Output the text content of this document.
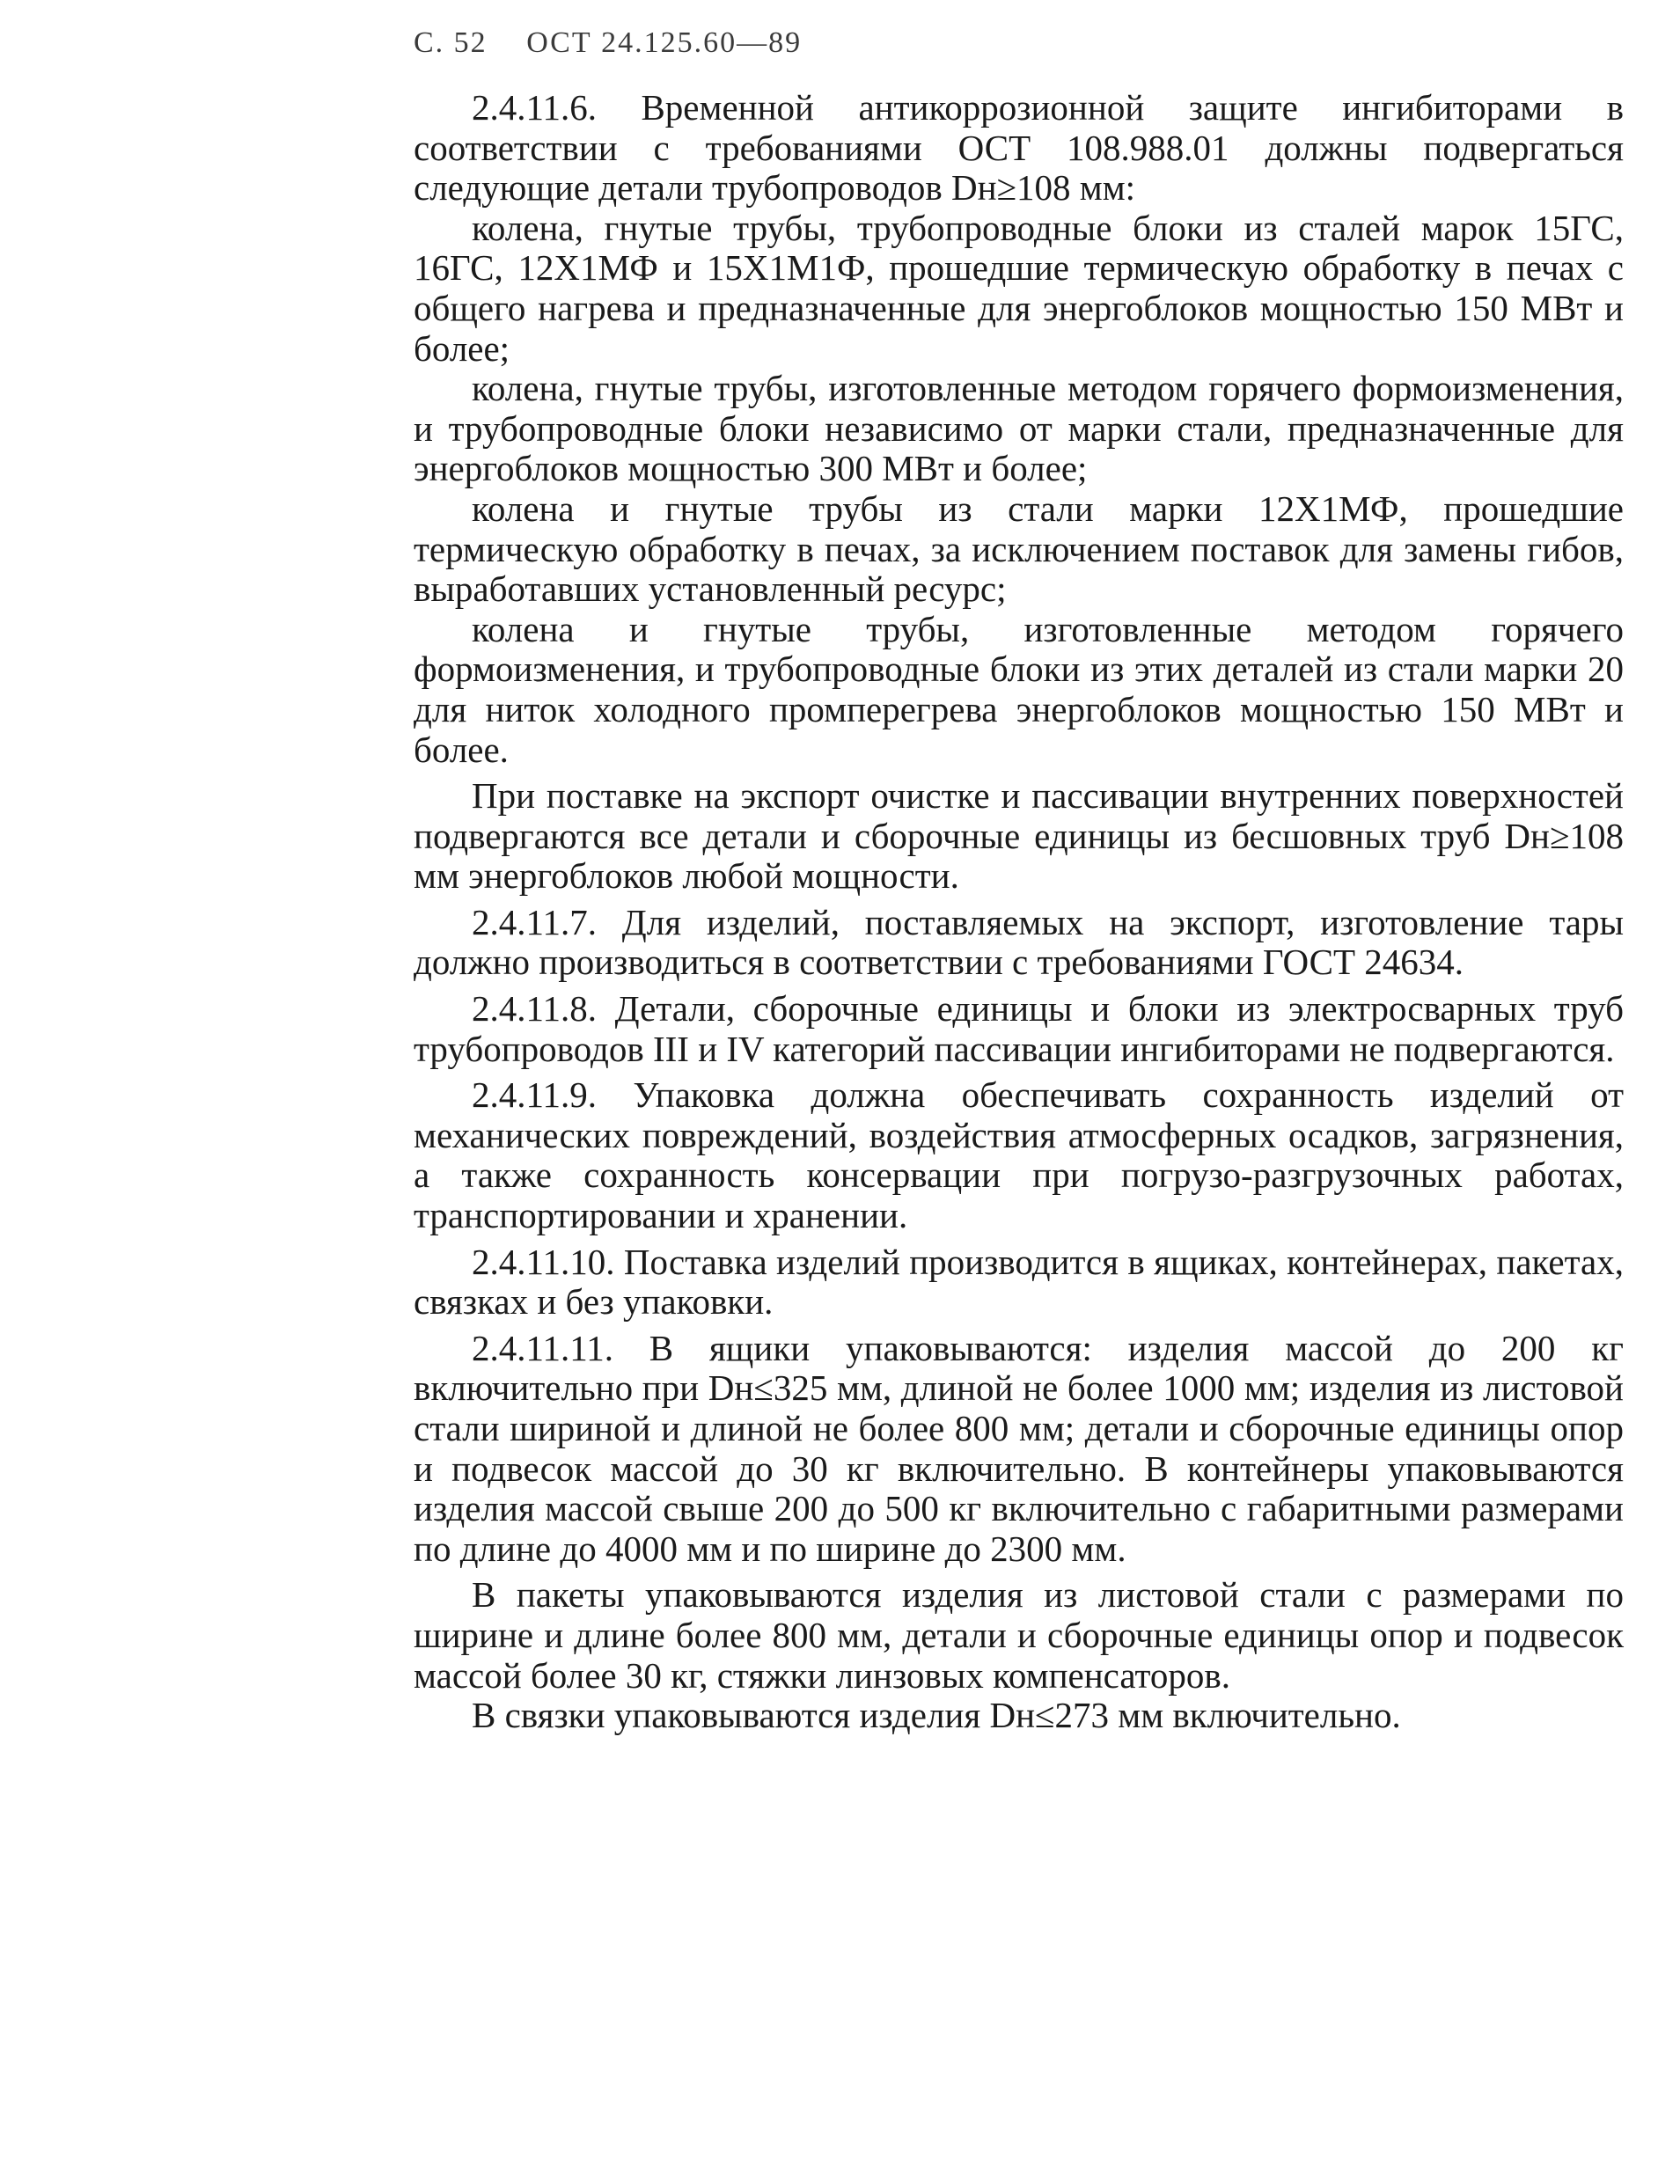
С. 52 ОСТ 24.125.60—89

2.4.11.6. Временной антикоррозионной защите ингибиторами в соответствии с требованиями ОСТ 108.988.01 должны подвергаться следующие детали трубопроводов Dн≥108 мм:

колена, гнутые трубы, трубопроводные блоки из сталей марок 15ГС, 16ГС, 12Х1МФ и 15Х1М1Ф, прошедшие термическую обработку в печах с общего нагрева и предназначенные для энергоблоков мощностью 150 МВт и более;

колена, гнутые трубы, изготовленные методом горячего формоизменения, и трубопроводные блоки независимо от марки стали, предназначенные для энергоблоков мощностью 300 МВт и более;

колена и гнутые трубы из стали марки 12Х1МФ, прошедшие термическую обработку в печах, за исключением поставок для замены гибов, выработавших установленный ресурс;

колена и гнутые трубы, изготовленные методом горячего формоизменения, и трубопроводные блоки из этих деталей из стали марки 20 для ниток холодного промперегрева энергоблоков мощностью 150 МВт и более.

При поставке на экспорт очистке и пассивации внутренних поверхностей подвергаются все детали и сборочные единицы из бесшовных труб Dн≥108 мм энергоблоков любой мощности.

2.4.11.7. Для изделий, поставляемых на экспорт, изготовление тары должно производиться в соответствии с требованиями ГОСТ 24634.

2.4.11.8. Детали, сборочные единицы и блоки из электросварных труб трубопроводов III и IV категорий пассивации ингибиторами не подвергаются.

2.4.11.9. Упаковка должна обеспечивать сохранность изделий от механических повреждений, воздействия атмосферных осадков, загрязнения, а также сохранность консервации при погрузо-разгрузочных работах, транспортировании и хранении.

2.4.11.10. Поставка изделий производится в ящиках, контейнерах, пакетах, связках и без упаковки.

2.4.11.11. В ящики упаковываются: изделия массой до 200 кг включительно при Dн≤325 мм, длиной не более 1000 мм; изделия из листовой стали шириной и длиной не более 800 мм; детали и сборочные единицы опор и подвесок массой до 30 кг включительно. В контейнеры упаковываются изделия массой свыше 200 до 500 кг включительно с габаритными размерами по длине до 4000 мм и по ширине до 2300 мм.

В пакеты упаковываются изделия из листовой стали с размерами по ширине и длине более 800 мм, детали и сборочные единицы опор и подвесок массой более 30 кг, стяжки линзовых компенсаторов.

В связки упаковываются изделия Dн≤273 мм включительно.
